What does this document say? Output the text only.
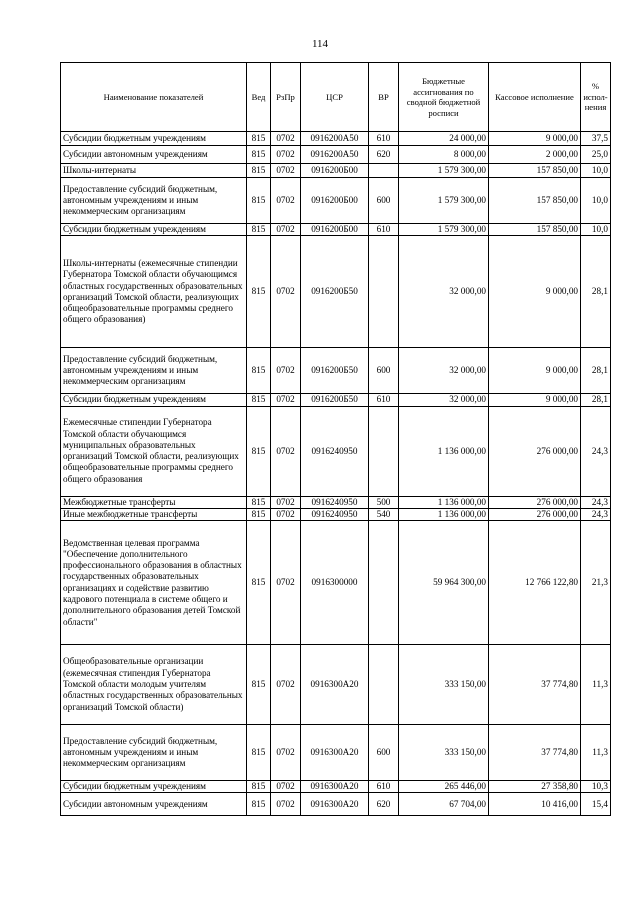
114
Наименование показателей	Вед	РзПр	ЦСР	ВР	Бюджетные ассигнования по сводной бюджетной росписи	Кассовое исполнение	% испол-нения
Субсидии бюджетным учреждениям	815	0702	0916200А50	610	24 000,00	9 000,00	37,5
Субсидии автономным учреждениям	815	0702	0916200А50	620	8 000,00	2 000,00	25,0
Школы-интернаты	815	0702	0916200Б00		1 579 300,00	157 850,00	10,0
Предоставление субсидий бюджетным, автономным учреждениям и иным некоммерческим организациям	815	0702	0916200Б00	600	1 579 300,00	157 850,00	10,0
Субсидии бюджетным учреждениям	815	0702	0916200Б00	610	1 579 300,00	157 850,00	10,0
Школы-интернаты (ежемесячные стипендии Губернатора Томской области обучающимся областных государственных образовательных организаций Томской области, реализующих общеобразовательные программы среднего общего образования)	815	0702	0916200Б50		32 000,00	9 000,00	28,1
Предоставление субсидий бюджетным, автономным учреждениям и иным некоммерческим организациям	815	0702	0916200Б50	600	32 000,00	9 000,00	28,1
Субсидии бюджетным учреждениям	815	0702	0916200Б50	610	32 000,00	9 000,00	28,1
Ежемесячные стипендии Губернатора Томской области обучающимся муниципальных образовательных организаций Томской области, реализующих общеобразовательные программы среднего общего образования	815	0702	0916240950		1 136 000,00	276 000,00	24,3
Межбюджетные трансферты	815	0702	0916240950	500	1 136 000,00	276 000,00	24,3
Иные межбюджетные трансферты	815	0702	0916240950	540	1 136 000,00	276 000,00	24,3
Ведомственная целевая программа "Обеспечение дополнительного профессионального образования в областных государственных образовательных организациях и содействие развитию кадрового потенциала в системе общего и дополнительного образования детей Томской области"	815	0702	0916300000		59 964 300,00	12 766 122,80	21,3
Общеобразовательные организации (ежемесячная стипендия Губернатора Томской области молодым учителям областных государственных образовательных организаций Томской области)	815	0702	0916300А20		333 150,00	37 774,80	11,3
Предоставление субсидий бюджетным, автономным учреждениям и иным некоммерческим организациям	815	0702	0916300А20	600	333 150,00	37 774,80	11,3
Субсидии бюджетным учреждениям	815	0702	0916300А20	610	265 446,00	27 358,80	10,3
Субсидии автономным учреждениям	815	0702	0916300А20	620	67 704,00	10 416,00	15,4
